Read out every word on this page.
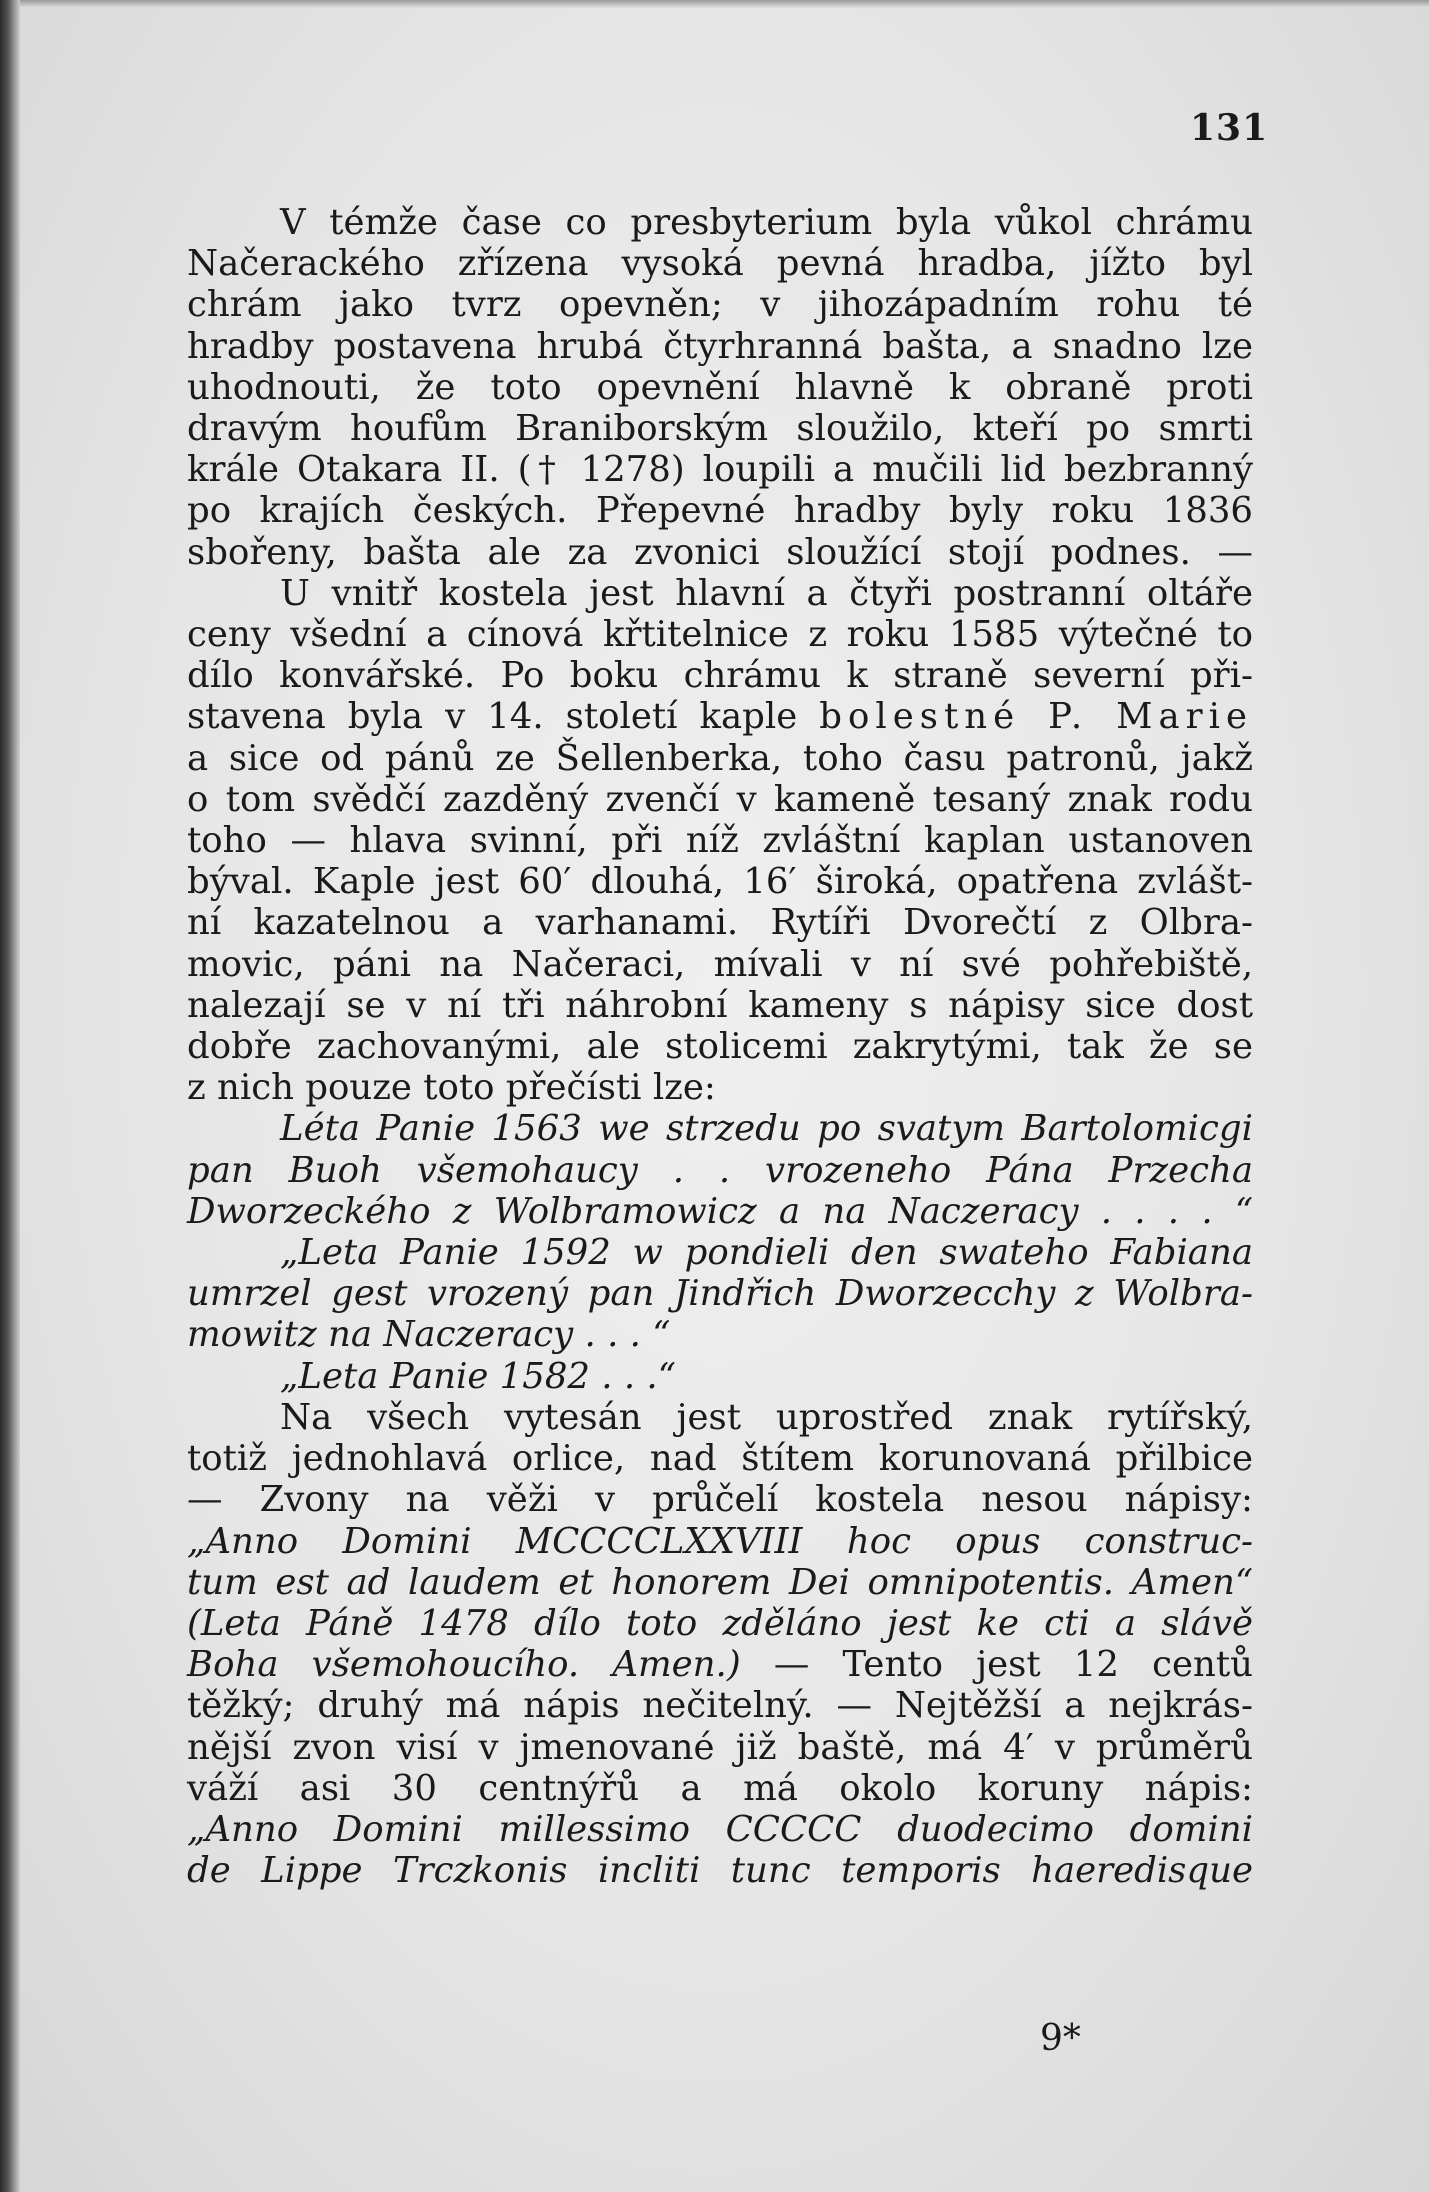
131
V témže čase co presbyterium byla vůkol chrámu
Načerackého zřízena vysoká pevná hradba, jížto byl
chrám jako tvrz opevněn; v jihozápadním rohu té
hradby postavena hrubá čtyrhranná bašta, a snadno lze
uhodnouti, že toto opevnění hlavně k obraně proti
dravým houfům Braniborským sloužilo, kteří po smrti
krále Otakara II. († 1278) loupili a mučili lid bezbranný
po krajích českých. Přepevné hradby byly roku 1836
sbořeny, bašta ale za zvonici sloužící stojí podnes. —
U vnitř kostela jest hlavní a čtyři postranní oltáře
ceny všední a cínová křtitelnice z roku 1585 výtečné to
dílo konvářské. Po boku chrámu k straně severní při-
stavena byla v 14. století kaple bolestné P. Marie
a sice od pánů ze Šellenberka, toho času patronů, jakž
o tom svědčí zazděný zvenčí v kameně tesaný znak rodu
toho — hlava svinní, při níž zvláštní kaplan ustanoven
býval. Kaple jest 60′ dlouhá, 16′ široká, opatřena zvlášt-
ní kazatelnou a varhanami. Rytíři Dvorečtí z Olbra-
movic, páni na Načeraci, mívali v ní své pohřebiště,
nalezají se v ní tři náhrobní kameny s nápisy sice dost
dobře zachovanými, ale stolicemi zakrytými, tak že se
z nich pouze toto přečísti lze:
Léta Panie 1563 we strzedu po svatym Bartolomicgi
pan Buoh všemohaucy . . vrozeneho Pána Przecha
Dworzeckého z Wolbramowicz a na Naczeracy . . . . “
„Leta Panie 1592 w pondieli den swateho Fabiana
umrzel gest vrozený pan Jindřich Dworzecchy z Wolbra-
mowitz na Naczeracy . . . “
„Leta Panie 1582 . . .“
Na všech vytesán jest uprostřed znak rytířský,
totiž jednohlavá orlice, nad štítem korunovaná přilbice
— Zvony na věži v průčelí kostela nesou nápisy:
„Anno Domini MCCCCLXXVIII hoc opus construc-
tum est ad laudem et honorem Dei omnipotentis. Amen“
(Leta Páně 1478 dílo toto zděláno jest ke cti a slávě
Boha všemohoucího. Amen.) — Tento jest 12 centů
těžký; druhý má nápis nečitelný. — Nejtěžší a nejkrás-
nější zvon visí v jmenované již baště, má 4′ v průměrů
váží asi 30 centnýřů a má okolo koruny nápis:
„Anno Domini millessimo CCCCC duodecimo domini
de Lippe Trczkonis incliti tunc temporis haeredisque
9*
